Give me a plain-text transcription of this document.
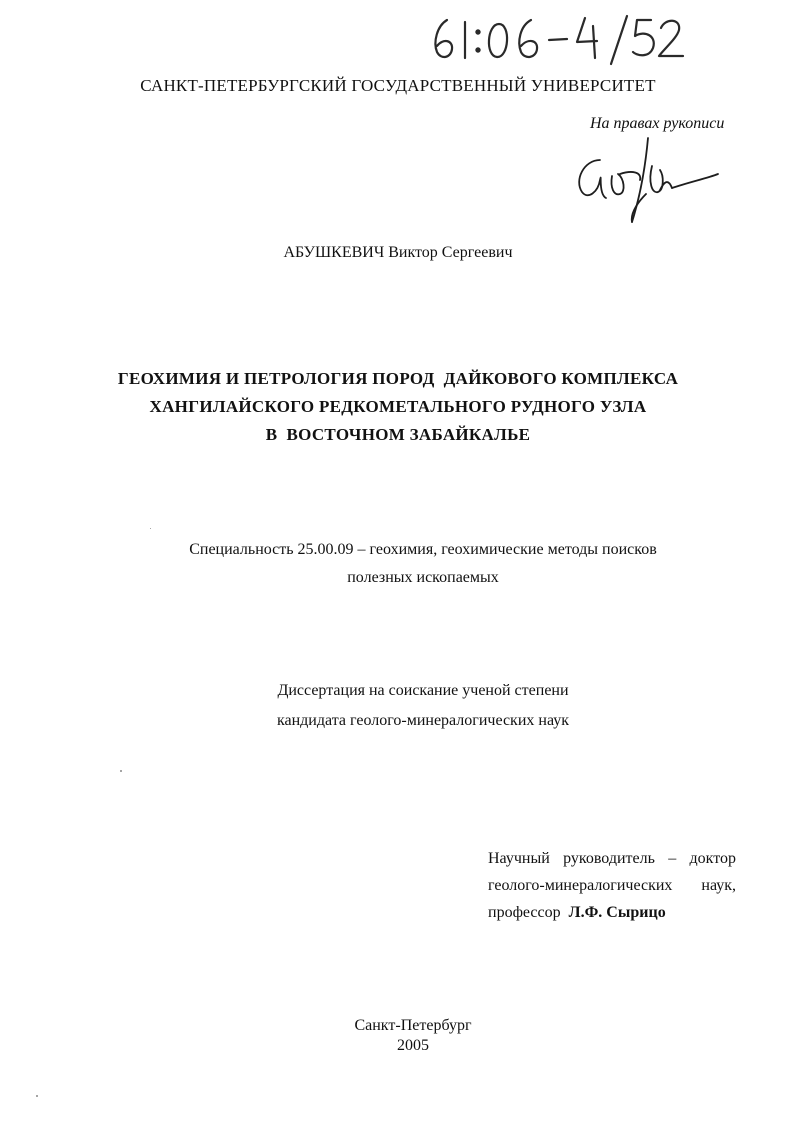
САНКТ-ПЕТЕРБУРГСКИЙ ГОСУДАРСТВЕННЫЙ УНИВЕРСИТЕТ
На правах рукописи
АБУШКЕВИЧ Виктор Сергеевич
ГЕОХИМИЯ И ПЕТРОЛОГИЯ ПОРОД  ДАЙКОВОГО КОМПЛЕКСА
ХАНГИЛАЙСКОГО РЕДКОМЕТАЛЬНОГО РУДНОГО УЗЛА
В  ВОСТОЧНОМ ЗАБАЙКАЛЬЕ
Специальность 25.00.09 – геохимия, геохимические методы поисков
полезных ископаемых
Диссертация на соискание ученой степени
кандидата геолого-минералогических наук
Научный руководитель – доктор
геолого-минералогических наук,
профессор Л.Ф. Сырицо
Санкт-Петербург
2005
